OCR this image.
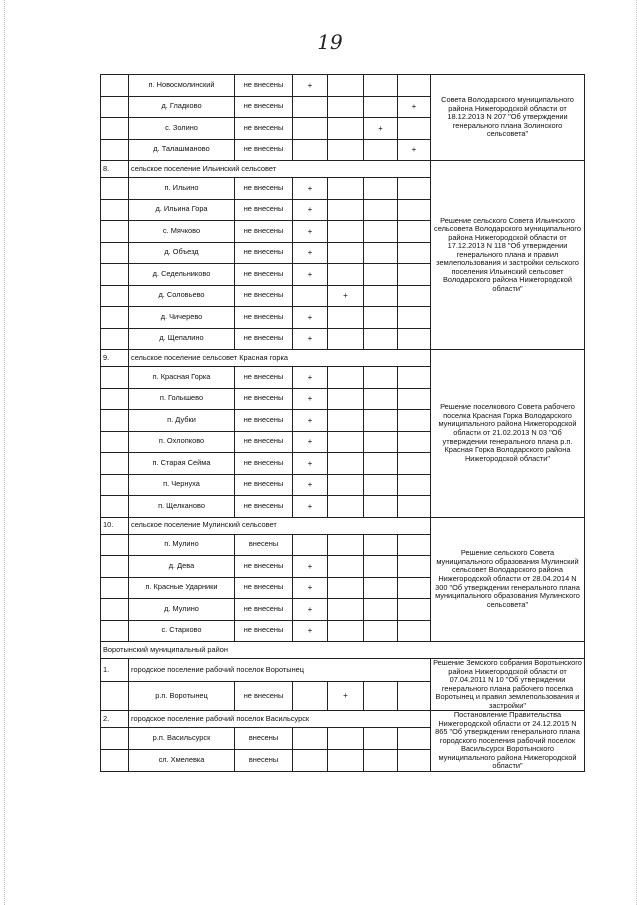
19
	п. Новосмолинский	не внесены	+				Совета Володарского муниципального района Нижегородской области от 18.12.2013 N 207 "Об утверждении генерального плана Золинского сельсовета"
	д. Гладково	не внесены				+	
	с. Золино	не внесены			+		
	д. Талашманово	не внесены				+	
8.	сельское поселение Ильинский сельсовет						Решение сельского Совета Ильинского сельсовета Володарского муниципального района Нижегородской области от 17.12.2013 N 118 "Об утверждении генерального плана и правил землепользования и застройки сельского поселения Ильинский сельсовет Володарского района Нижегородской области"
	п. Ильино	не внесены	+				
	д. Ильина Гора	не внесены	+				
	с. Мячково	не внесены	+				
	д. Объезд	не внесены	+				
	д. Седельниково	не внесены	+				
	д. Соловьево	не внесены		+			
	д. Чичерево	не внесены	+				
	д. Щепалино	не внесены	+				
9.	сельское поселение сельсовет Красная горка						Решение поселкового Совета рабочего поселка Красная Горка Володарского муниципального района Нижегородской области от 21.02.2013 N 03 "Об утверждении генерального плана р.п. Красная Горка Володарского района Нижегородской области"
	п. Красная Горка	не внесены	+				
	п. Голышево	не внесены	+				
	п. Дубки	не внесены	+				
	п. Охлопково	не внесены	+				
	п. Старая Сейма	не внесены	+				
	п. Чернуха	не внесены	+				
	п. Щелканово	не внесены	+				
10.	сельское поселение Мулинский сельсовет						Решение сельского Совета муниципального образования Мулинский сельсовет Володарского района Нижегородской области от 28.04.2014 N 300 "Об утверждении генерального плана муниципального образования Мулинского сельсовета"
	п. Мулино	внесены					
	д. Дева	не внесены	+				
	п. Красные Ударники	не внесены	+				
	д. Мулино	не внесены	+				
	с. Старково	не внесены	+				
Воротынский муниципальный район							
1.	городское поселение рабочий поселок Воротынец						Решение Земского собрания Воротынского района Нижегородской области от 07.04.2011 N 10 "Об утверждении генерального плана рабочего поселка Воротынец и правил землепользования и застройки"
	р.п. Воротынец	не внесены		+			
2.	городское поселение рабочий поселок Васильсурск						Постановление Правительства Нижегородской области от 24.12.2015 N 865 "Об утверждении генерального плана городского поселения рабочий поселок Васильсурск Воротынского муниципального района Нижегородской области"
	р.п. Васильсурск	внесены					
	сл. Хмелевка	внесены					
